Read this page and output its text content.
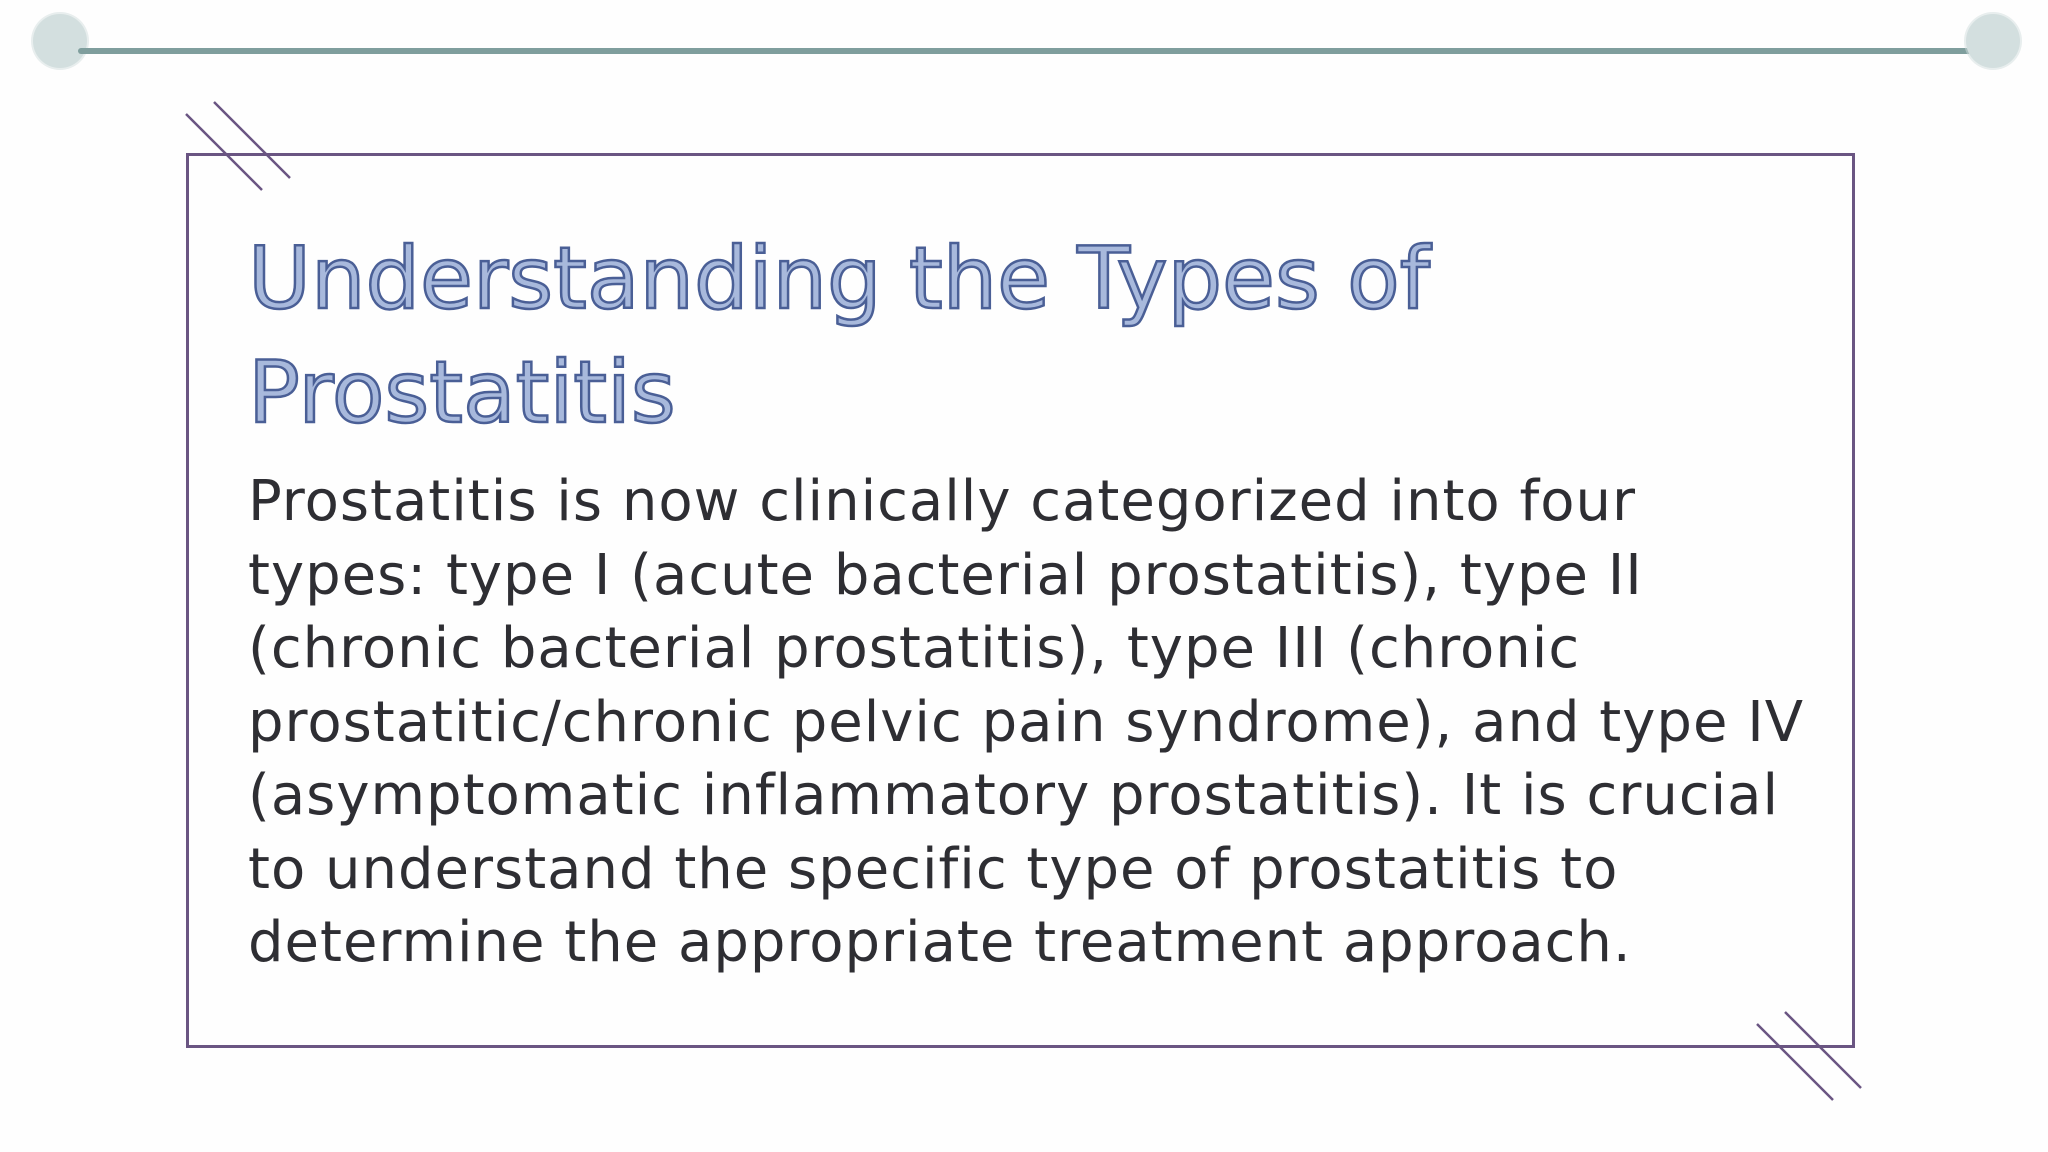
Understanding the Types of Prostatitis

Prostatitis is now clinically categorized into four types: type I (acute bacterial prostatitis), type II (chronic bacterial prostatitis), type III (chronic prostatitic/chronic pelvic pain syndrome), and type IV (asymptomatic inflammatory prostatitis). It is crucial to understand the specific type of prostatitis to determine the appropriate treatment approach.
